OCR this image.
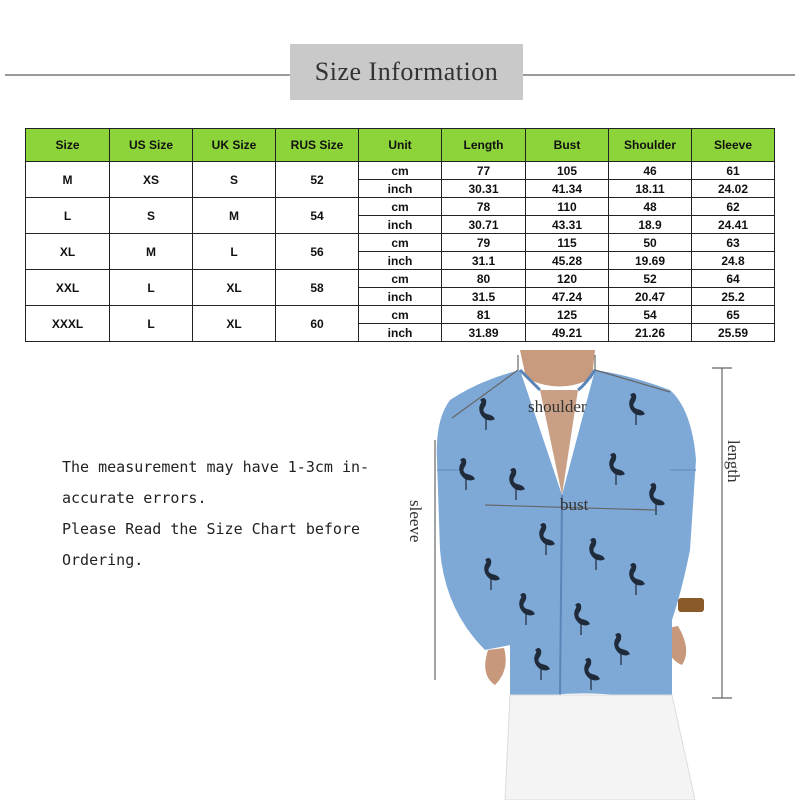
Size Information
Size	US Size	UK Size	RUS Size	Unit	Length	Bust	Shoulder	Sleeve
M	XS	S	52	cm	77	105	46	61
				inch	30.31	41.34	18.11	24.02
L	S	M	54	cm	78	110	48	62
				inch	30.71	43.31	18.9	24.41
XL	M	L	56	cm	79	115	50	63
				inch	31.1	45.28	19.69	24.8
XXL	L	XL	58	cm	80	120	52	64
				inch	31.5	47.24	20.47	25.2
XXXL	L	XL	60	cm	81	125	54	65
				inch	31.89	49.21	21.26	25.59
The measurement may have 1-3cm in-
accurate errors.
Please Read the Size Chart before
Ordering.
shoulder
bust
sleeve
length
